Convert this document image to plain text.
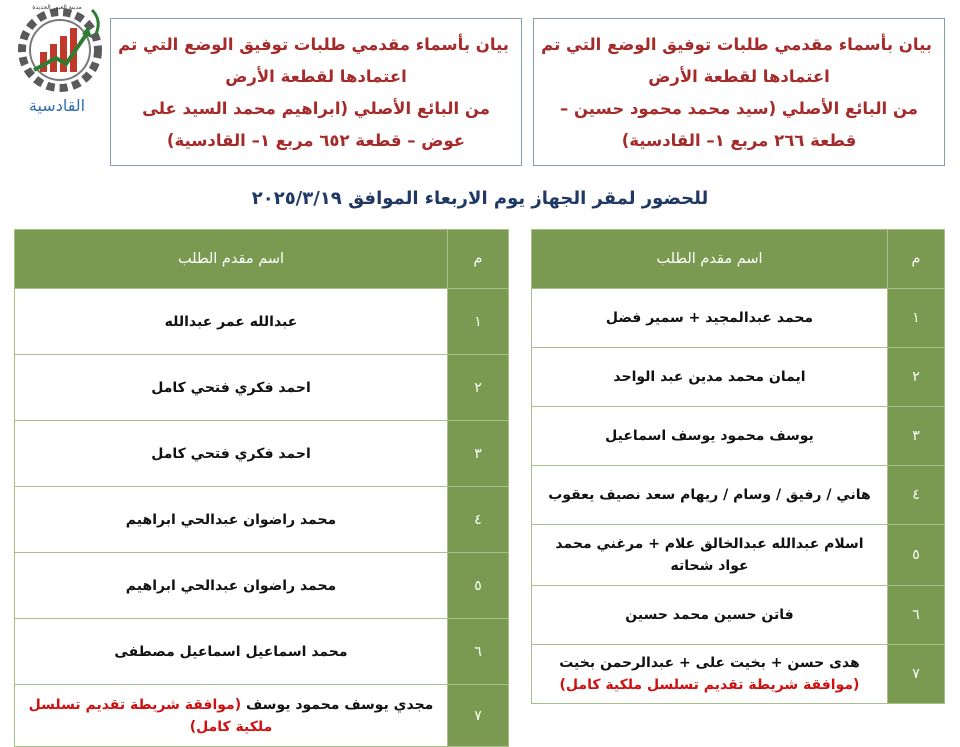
مدينة العبور الجديدة
القادسية
بيان بأسماء مقدمي طلبات توفيق الوضع التي تم
اعتمادها لقطعة الأرض
من البائع الأصلي (سيد محمد محمود حسين –
قطعة ٢٦٦ مربع ١– القادسية)
بيان بأسماء مقدمي طلبات توفيق الوضع التي تم
اعتمادها لقطعة الأرض
من البائع الأصلي (ابراهيم محمد السيد على
عوض – قطعة ٦٥٢ مربع ١– القادسية)
للحضور لمقر الجهاز يوم الاربعاء الموافق ٢٠٢٥/٣/١٩
م	اسم مقدم الطلب
١	محمد عبدالمجيد + سمير فضل
٢	ايمان محمد مدين عبد الواحد
٣	يوسف محمود يوسف اسماعيل
٤	هاني / رفيق / وسام / ريهام سعد نصيف يعقوب
٥	اسلام عبدالله عبدالخالق علام + مرغني محمد عواد شحاته
٦	فاتن حسين محمد حسين
٧	هدى حسن + بخيت على + عبدالرحمن بخيت
(موافقة شريطة تقديم تسلسل ملكية كامل)
م	اسم مقدم الطلب
١	عبدالله عمر عبدالله
٢	احمد فكري فتحي كامل
٣	احمد فكري فتحي كامل
٤	محمد راضوان عبدالحي ابراهيم
٥	محمد راضوان عبدالحي ابراهيم
٦	محمد اسماعيل اسماعيل مصطفى
٧	مجدي يوسف محمود يوسف (موافقة شريطة تقديم تسلسل ملكية كامل)
